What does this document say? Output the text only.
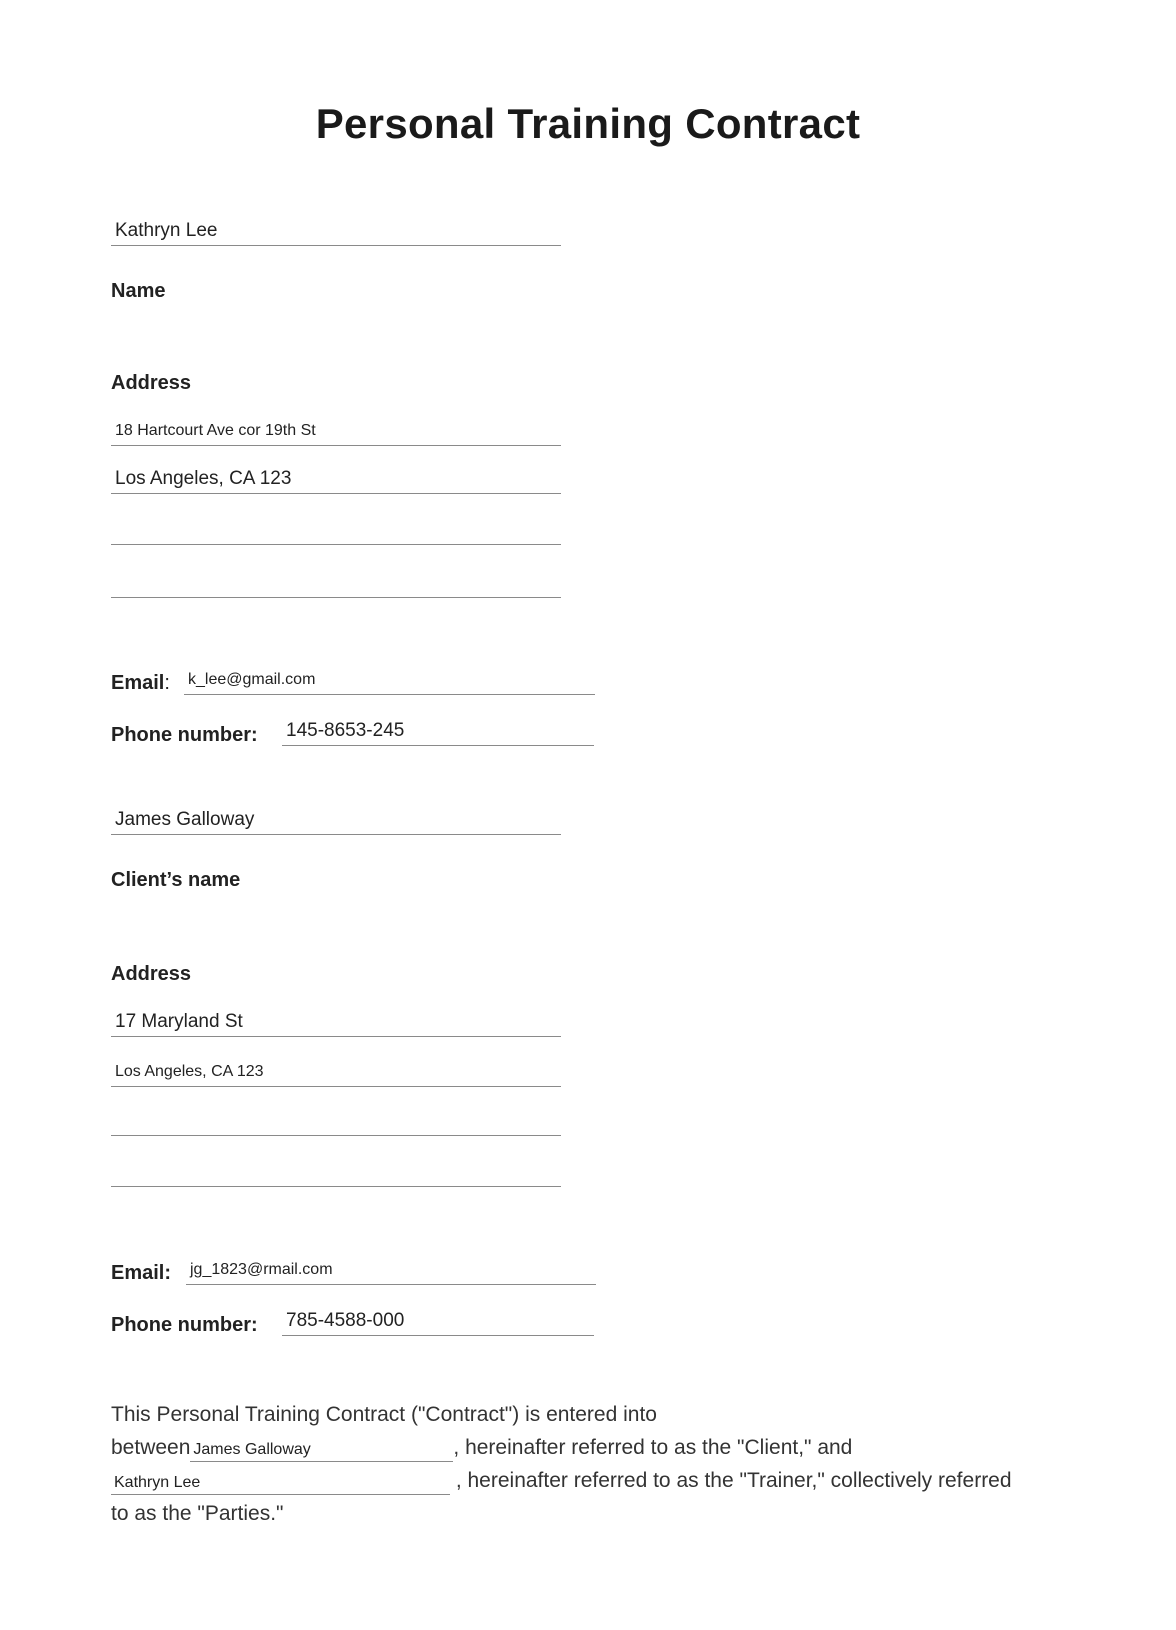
Personal Training Contract
Kathryn Lee
Name
Address
18 Hartcourt Ave cor 19th St
Los Angeles, CA 123
Email: k_lee@gmail.com
Phone number: 145-8653-245
James Galloway
Client’s name
Address
17 Maryland St
Los Angeles, CA 123
Email: jg_1823@rmail.com
Phone number: 785-4588-000
This Personal Training Contract ("Contract") is entered into
between James Galloway	, hereinafter referred to as the "Client," and
Kathryn Lee	, hereinafter referred to as the "Trainer," collectively referred
to as the "Parties."
